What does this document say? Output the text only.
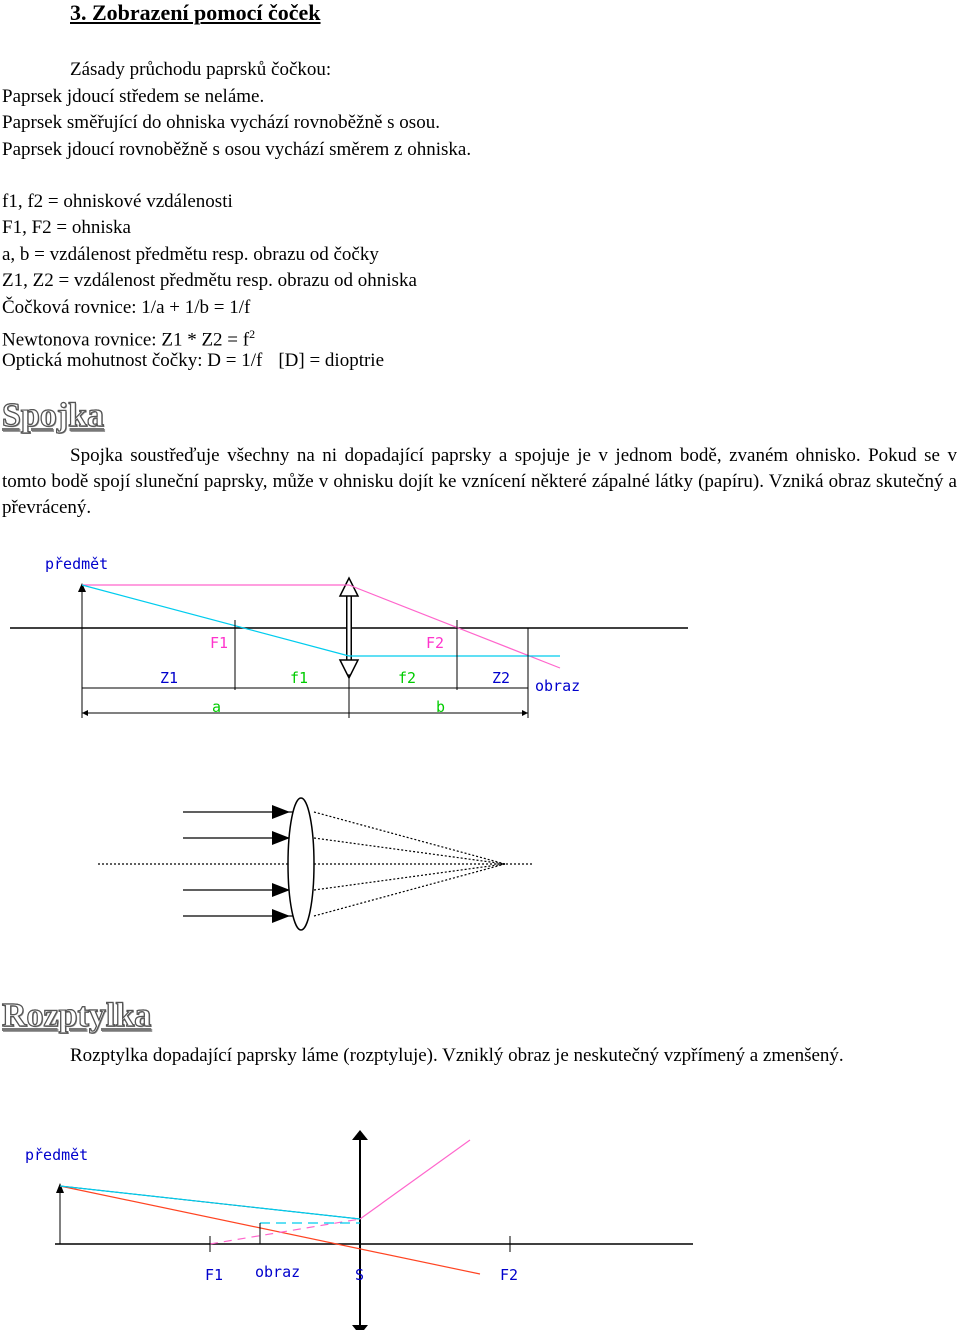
3. Zobrazení pomocí čoček
Zásady průchodu paprsků čočkou:
Paprsek jdoucí středem se neláme.
Paprsek směřující do ohniska vychází rovnoběžně s osou.
Paprsek jdoucí rovnoběžně s osou vychází směrem z ohniska.
f1, f2 = ohniskové vzdálenosti
F1, F2 = ohniska
a, b = vzdálenost předmětu resp. obrazu od čočky
Z1, Z2 = vzdálenost předmětu resp. obrazu od ohniska
Čočková rovnice: 1/a + 1/b = 1/f
Newtonova rovnice: $Z1 * Z2 = f^2$
Optická mohutnost čočky: D = 1/f [D] = dioptrie
Spojka
Spojka soustřeďuje všechny na ni dopadající paprsky a spojuje je v jednom bodě, zvaném ohnisko. Pokud se v tomto bodě spojí sluneční paprsky, může v ohnisku dojít ke vznícení některé zápalné látky (papíru). Vzniká obraz skutečný a převrácený.
předmět
F1	F2
Z1	f1	f2	Z2 obraz
a	b
Rozptylka
Rozptylka dopadající paprsky láme (rozptyluje). Vzniklý obraz je neskutečný vzpřímený a zmenšený.
předmět
F1 obraz	S	F2
